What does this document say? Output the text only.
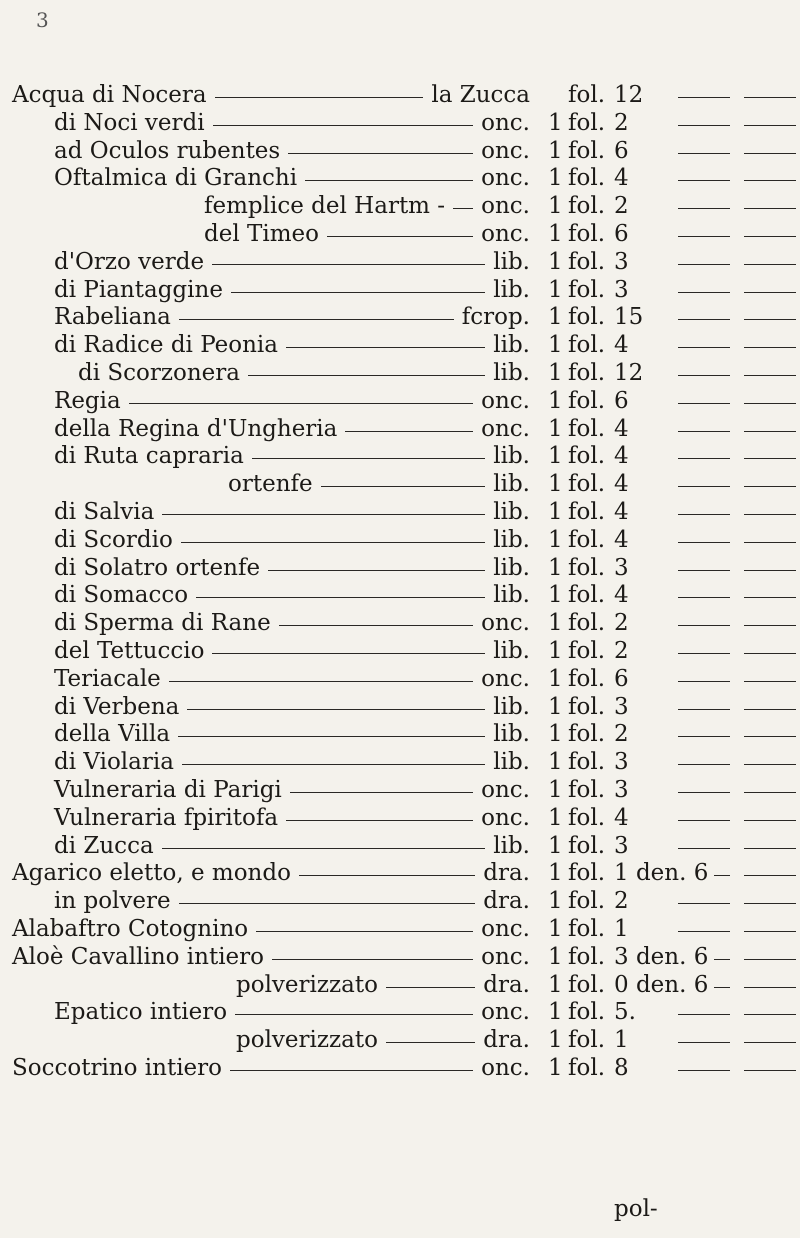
3
Acqua di Nocera	la Zucca fol. 12
di Noci verdi	onc. 1 fol. 2
ad Oculos rubentes	onc. 1 fol. 6
Oftalmica di Granchi	onc. 1 fol. 4
femplice del Hartm - onc. 1 fol. 2
del Timeo	onc. 1 fol. 6
d'Orzo verde	lib. 1 fol. 3
di Piantaggine	lib. 1 fol. 3
Rabeliana	fcrop. 1 fol. 15
di Radice di Peonia	lib. 1 fol. 4
di Scorzonera	lib. 1 fol. 12
Regia	onc. 1 fol. 6
della Regina d'Ungheria	onc. 1 fol. 4
di Ruta capraria	lib. 1 fol. 4
ortenfe	lib. 1 fol. 4
di Salvia	lib. 1 fol. 4
di Scordio	lib. 1 fol. 4
di Solatro ortenfe	lib. 1 fol. 3
di Somacco	lib. 1 fol. 4
di Sperma di Rane	onc. 1 fol. 2
del Tettuccio	lib. 1 fol. 2
Teriacale	onc. 1 fol. 6
di Verbena	lib. 1 fol. 3
della Villa	lib. 1 fol. 2
di Violaria	lib. 1 fol. 3
Vulneraria di Parigi	onc. 1 fol. 3
Vulneraria fpiritofa	onc. 1 fol. 4
di Zucca	lib. 1 fol. 3
Agarico eletto, e mondo	dra. 1 fol. 1 den. 6
in polvere	dra. 1 fol. 2
Alabaftro Cotognino	onc. 1 fol. 1
Aloè Cavallino intiero	onc. 1 fol. 3 den. 6
polverizzato	dra. 1 fol. 0 den. 6
Epatico intiero	onc. 1 fol. 5.
polverizzato	dra. 1 fol. 1
Soccotrino intiero	onc. 1 fol. 8
pol-
